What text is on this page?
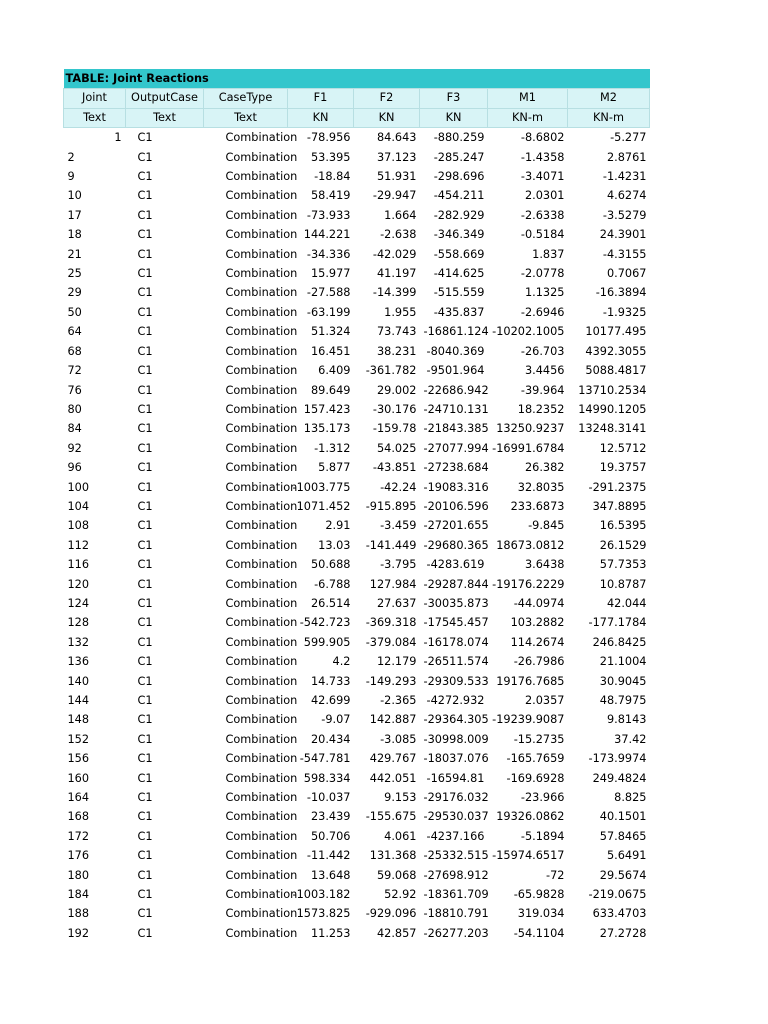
TABLE: Joint Reactions							
Joint	OutputCase	CaseType	F1	F2	F3	M1	M2
Text	Text	Text	KN	KN	KN	KN-m	KN-m
1	C1	Combination	-78.956	84.643	-880.259	-8.6802	-5.277
2	C1	Combination	53.395	37.123	-285.247	-1.4358	2.8761
9	C1	Combination	-18.84	51.931	-298.696	-3.4071	-1.4231
10	C1	Combination	58.419	-29.947	-454.211	2.0301	4.6274
17	C1	Combination	-73.933	1.664	-282.929	-2.6338	-3.5279
18	C1	Combination	144.221	-2.638	-346.349	-0.5184	24.3901
21	C1	Combination	-34.336	-42.029	-558.669	1.837	-4.3155
25	C1	Combination	15.977	41.197	-414.625	-2.0778	0.7067
29	C1	Combination	-27.588	-14.399	-515.559	1.1325	-16.3894
50	C1	Combination	-63.199	1.955	-435.837	-2.6946	-1.9325
64	C1	Combination	51.324	73.743	-16861.124	-10202.1005	10177.495
68	C1	Combination	16.451	38.231	-8040.369	-26.703	4392.3055
72	C1	Combination	6.409	-361.782	-9501.964	3.4456	5088.4817
76	C1	Combination	89.649	29.002	-22686.942	-39.964	13710.2534
80	C1	Combination	157.423	-30.176	-24710.131	18.2352	14990.1205
84	C1	Combination	135.173	-159.78	-21843.385	13250.9237	13248.3141
92	C1	Combination	-1.312	54.025	-27077.994	-16991.6784	12.5712
96	C1	Combination	5.877	-43.851	-27238.684	26.382	19.3757
100	C1	Combination	-1003.775	-42.24	-19083.316	32.8035	-291.2375
104	C1	Combination	1071.452	-915.895	-20106.596	233.6873	347.8895
108	C1	Combination	2.91	-3.459	-27201.655	-9.845	16.5395
112	C1	Combination	13.03	-141.449	-29680.365	18673.0812	26.1529
116	C1	Combination	50.688	-3.795	-4283.619	3.6438	57.7353
120	C1	Combination	-6.788	127.984	-29287.844	-19176.2229	10.8787
124	C1	Combination	26.514	27.637	-30035.873	-44.0974	42.044
128	C1	Combination	-542.723	-369.318	-17545.457	103.2882	-177.1784
132	C1	Combination	599.905	-379.084	-16178.074	114.2674	246.8425
136	C1	Combination	4.2	12.179	-26511.574	-26.7986	21.1004
140	C1	Combination	14.733	-149.293	-29309.533	19176.7685	30.9045
144	C1	Combination	42.699	-2.365	-4272.932	2.0357	48.7975
148	C1	Combination	-9.07	142.887	-29364.305	-19239.9087	9.8143
152	C1	Combination	20.434	-3.085	-30998.009	-15.2735	37.42
156	C1	Combination	-547.781	429.767	-18037.076	-165.7659	-173.9974
160	C1	Combination	598.334	442.051	-16594.81	-169.6928	249.4824
164	C1	Combination	-10.037	9.153	-29176.032	-23.966	8.825
168	C1	Combination	23.439	-155.675	-29530.037	19326.0862	40.1501
172	C1	Combination	50.706	4.061	-4237.166	-5.1894	57.8465
176	C1	Combination	-11.442	131.368	-25332.515	-15974.6517	5.6491
180	C1	Combination	13.648	59.068	-27698.912	-72	29.5674
184	C1	Combination	-1003.182	52.92	-18361.709	-65.9828	-219.0675
188	C1	Combination	1573.825	-929.096	-18810.791	319.034	633.4703
192	C1	Combination	11.253	42.857	-26277.203	-54.1104	27.2728
